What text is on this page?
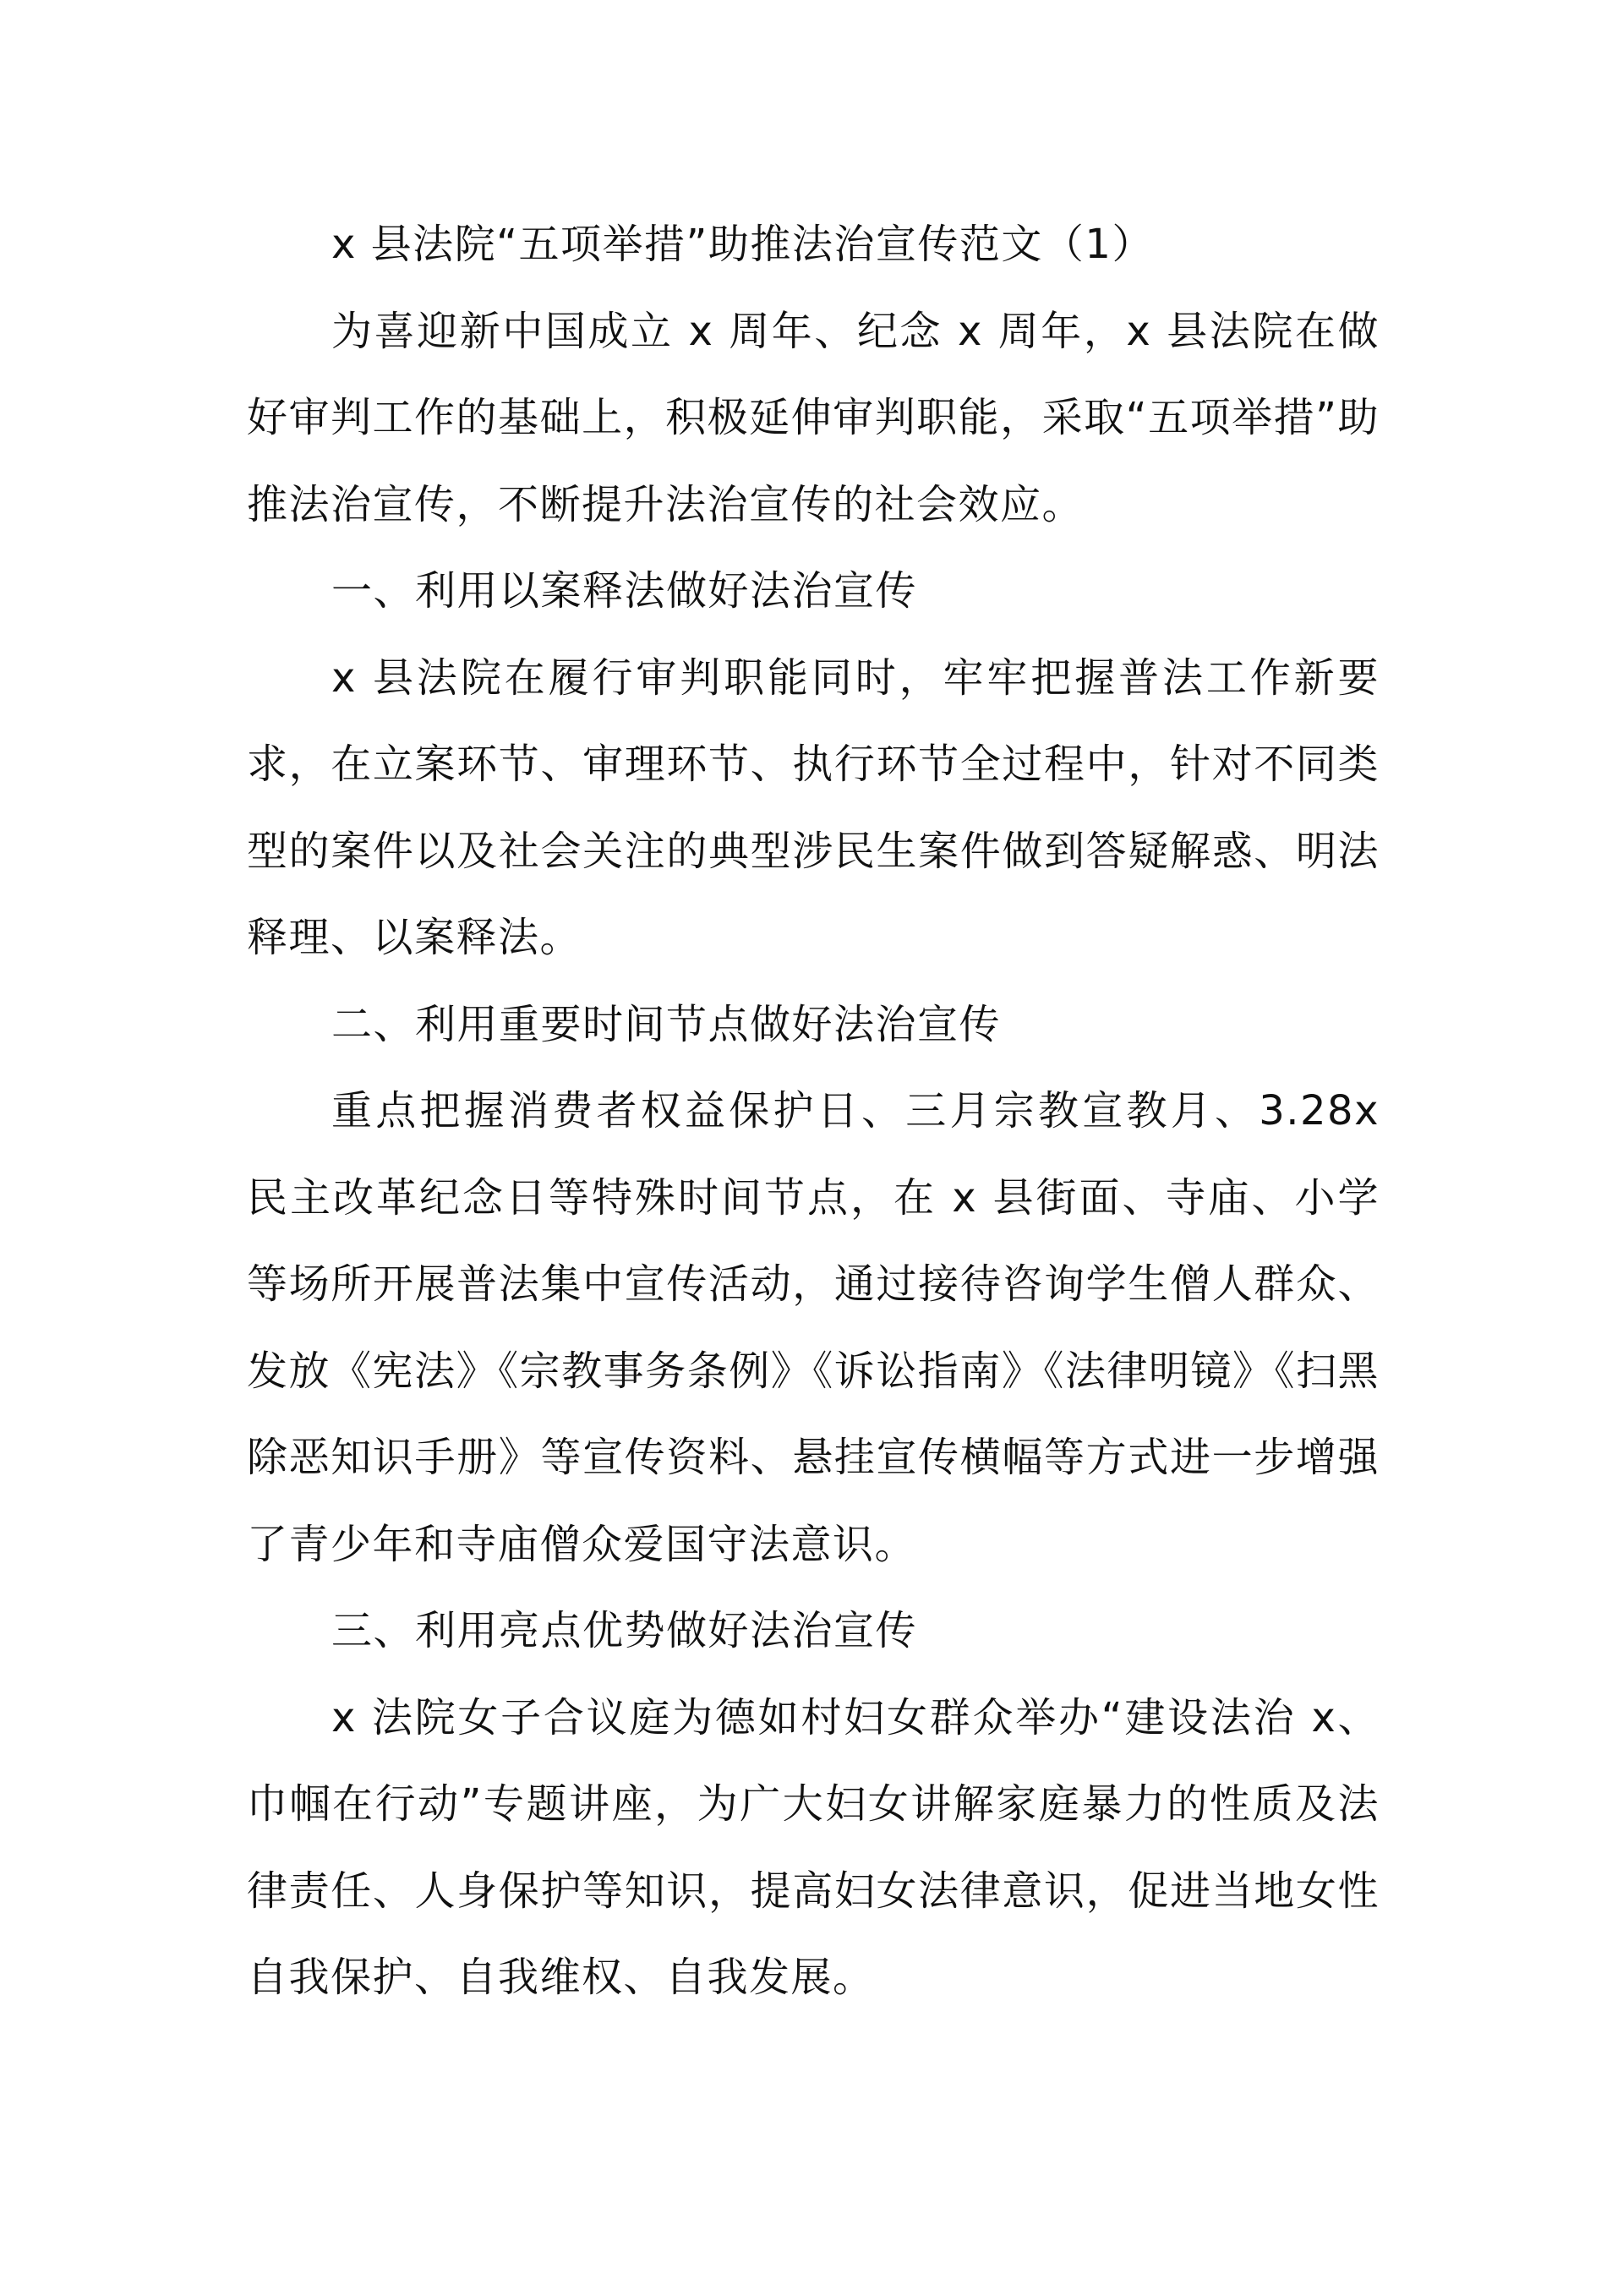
x 县法院“五项举措”助推法治宣传范文（1）

为喜迎新中国成立 x 周年、纪念 x 周年，x 县法院在做好审判工作的基础上，积极延伸审判职能，采取“五项举措”助推法治宣传，不断提升法治宣传的社会效应。

一、利用以案释法做好法治宣传

x 县法院在履行审判职能同时，牢牢把握普法工作新要求，在立案环节、审理环节、执行环节全过程中，针对不同类型的案件以及社会关注的典型涉民生案件做到答疑解惑、明法释理、以案释法。

二、利用重要时间节点做好法治宣传

重点把握消费者权益保护日、三月宗教宣教月、3.28x 民主改革纪念日等特殊时间节点，在 x 县街面、寺庙、小学等场所开展普法集中宣传活动，通过接待咨询学生僧人群众、发放《宪法》《宗教事务条例》《诉讼指南》《法律明镜》《扫黑除恶知识手册》等宣传资料、悬挂宣传横幅等方式进一步增强了青少年和寺庙僧众爱国守法意识。

三、利用亮点优势做好法治宣传

x 法院女子合议庭为德如村妇女群众举办“建设法治 x、巾帼在行动”专题讲座，为广大妇女讲解家庭暴力的性质及法律责任、人身保护等知识，提高妇女法律意识，促进当地女性自我保护、自我维权、自我发展。
